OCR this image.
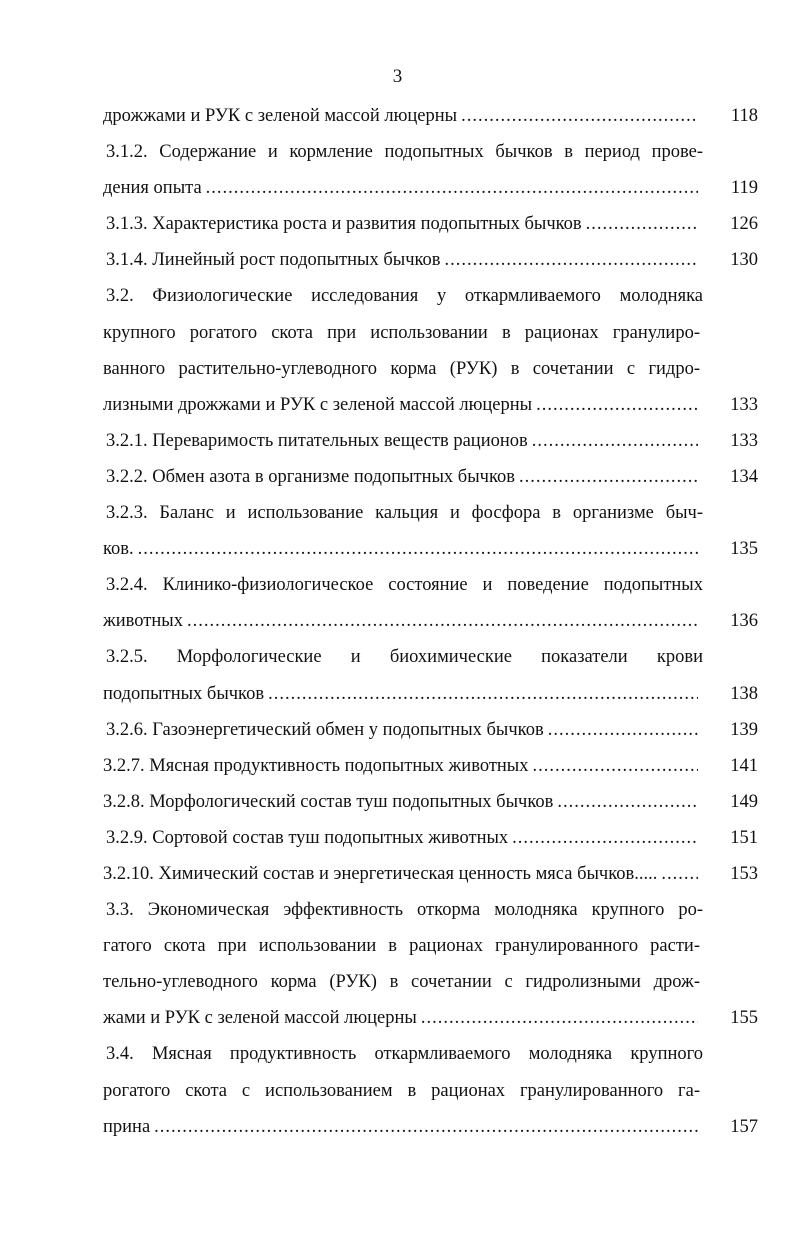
3
дрожжами и РУК с зеленой массой люцерны .....	118
3.1.2. Содержание и кормление подопытных бычков в период прове-
дения опыта .....	119
3.1.3. Характеристика роста и развития подопытных бычков .....	126
3.1.4. Линейный рост подопытных бычков .....	130
3.2. Физиологические исследования у откармливаемого молодняка
крупного рогатого скота при использовании в рационах гранулиро-
ванного растительно-углеводного корма (РУК) в сочетании с гидро-
лизными дрожжами и РУК с зеленой массой люцерны .....	133
3.2.1. Переваримость питательных веществ рационов .....	133
3.2.2. Обмен азота в организме подопытных бычков .....	134
3.2.3. Баланс и использование кальция и фосфора в организме быч-
ков. .....	135
3.2.4. Клинико-физиологическое состояние и поведение подопытных
животных .....	136
3.2.5. Морфологические и биохимические показатели крови
подопытных бычков .....	138
3.2.6. Газоэнергетический обмен у подопытных бычков .....	139
3.2.7. Мясная продуктивность подопытных животных .....	141
3.2.8. Морфологический состав туш подопытных бычков .....	149
3.2.9. Сортовой состав туш подопытных животных .....	151
3.2.10. Химический состав и энергетическая ценность мяса бычков..... .....	153
3.3. Экономическая эффективность откорма молодняка крупного ро-
гатого скота при использовании в рационах гранулированного расти-
тельно-углеводного корма (РУК) в сочетании с гидролизными дрож-
жами и РУК с зеленой массой люцерны .....	155
3.4. Мясная продуктивность откармливаемого молодняка крупного
рогатого скота с использованием в рационах гранулированного га-
прина .....	157
